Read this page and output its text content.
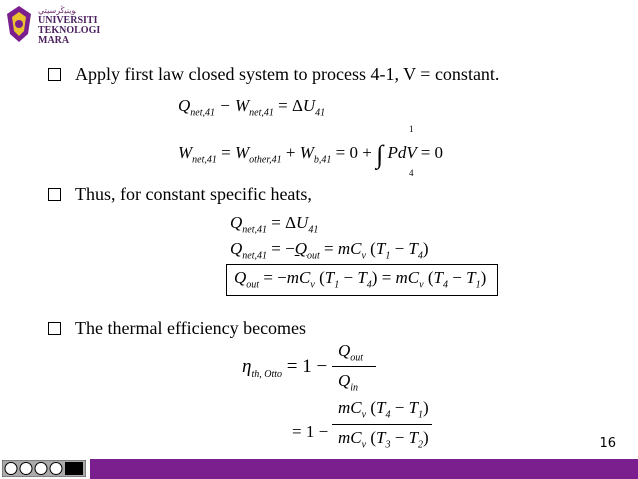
ﻮﻳﻨﻴﯕﺮﺳﻴﺘﻲ
UNIVERSITI
TEKNOLOGI
MARA
Apply first law closed system to process 4-1, V = constant.
$Q_{net,41} - W_{net,41} = \Delta U_{41}$
$W_{net,41} = W_{other,41} + W_{b,41} = 0$ + ∫ PdV = 0
1
4
Thus, for constant specific heats,
$Q_{net,41} = \Delta U_{41}$
$Q_{net,41} = -Q_{out} = mC_v$ $(T_1 - T_4)$
$Q_{out} = -mC_v$ $(T_1 - T_4) = mC_v$ $(T_4 - T_1)$
The thermal efficiency becomes
$\eta_{th, Otto} = 1$ −
$Q_{out}$
$Q_{in}$
= 1 −
$mC_v$ $(T_4 - T_1)$
$mC_v$ $(T_3 - T_2)$	16
